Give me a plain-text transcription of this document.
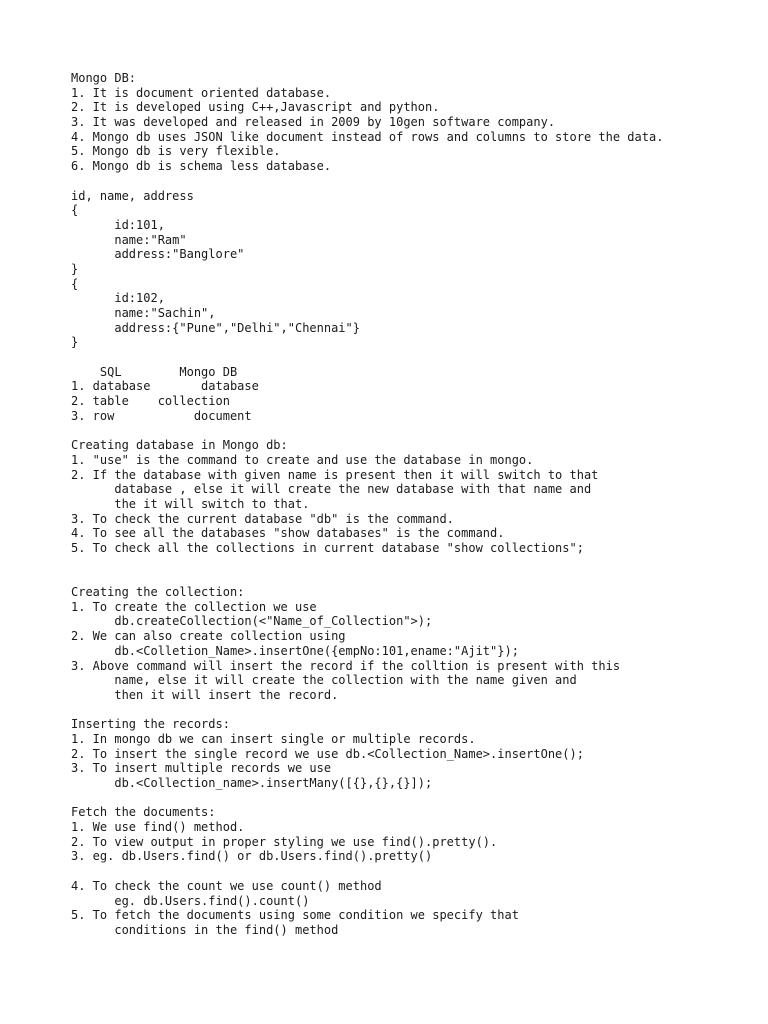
Mongo DB:
1. It is document oriented database.
2. It is developed using C++,Javascript and python.
3. It was developed and released in 2009 by 10gen software company.
4. Mongo db uses JSON like document instead of rows and columns to store the data.
5. Mongo db is very flexible.
6. Mongo db is schema less database.
id, name, address
{
id:101,
name:"Ram"
address:"Banglore"
}
{
id:102,
name:"Sachin",
address:{"Pune","Delhi","Chennai"}
}
SQL        Mongo DB
1. database       database
2. table    collection
3. row           document
Creating database in Mongo db:
1. "use" is the command to create and use the database in mongo.
2. If the database with given name is present then it will switch to that
database , else it will create the new database with that name and
the it will switch to that.
3. To check the current database "db" is the command.
4. To see all the databases "show databases" is the command.
5. To check all the collections in current database "show collections";
Creating the collection:
1. To create the collection we use
db.createCollection(<"Name_of_Collection">);
2. We can also create collection using
db.<Colletion_Name>.insertOne({empNo:101,ename:"Ajit"});
3. Above command will insert the record if the colltion is present with this
name, else it will create the collection with the name given and
then it will insert the record.
Inserting the records:
1. In mongo db we can insert single or multiple records.
2. To insert the single record we use db.<Collection_Name>.insertOne();
3. To insert multiple records we use
db.<Collection_name>.insertMany([{},{},{}]);
Fetch the documents:
1. We use find() method.
2. To view output in proper styling we use find().pretty().
3. eg. db.Users.find() or db.Users.find().pretty()
4. To check the count we use count() method
eg. db.Users.find().count()
5. To fetch the documents using some condition we specify that
conditions in the find() method
